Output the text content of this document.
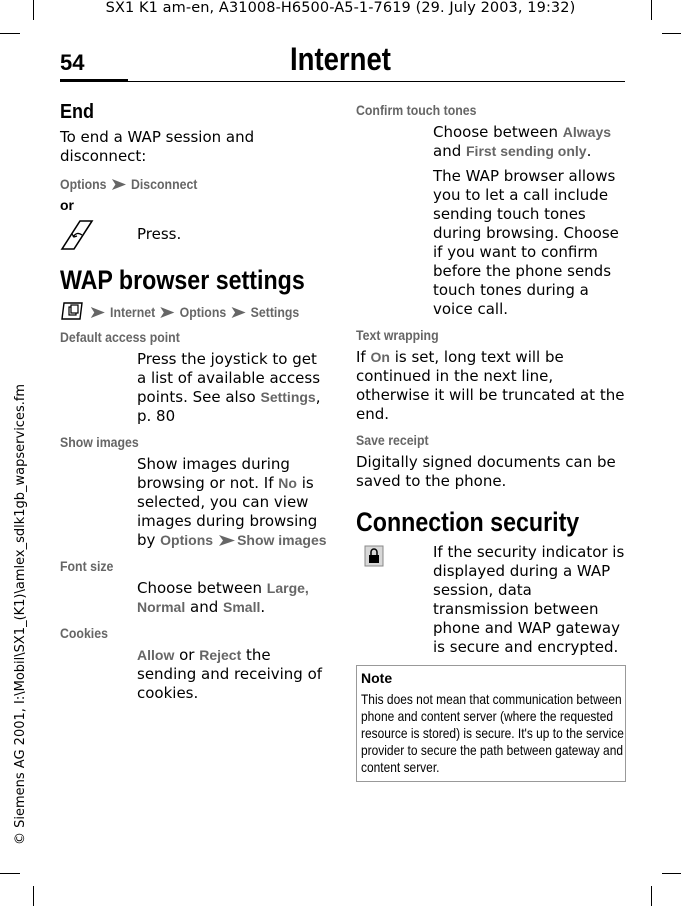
SX1 K1 am-en, A31008-H6500-A5-1-7619 (29. July 2003, 19:32)
© Siemens AG 2001, I:\Mobil\SX1_(K1)\amlex_sdlk1gb_wapservices.fm
54	Internet
End
To end a WAP session and disconnect:
Options Disconnect
or
Press.
WAP browser settings
Internet Options Settings
Default access point
Press the joystick to get a list of available access points. See also Settings, p. 80
Show images
Show images during browsing or not. If No is selected, you can view images during browsing by Options Show images
Font size
Choose between Large,
Normal and Small.
Cookies
Allow or Reject the sending and receiving of cookies.
Confirm touch tones
Choose between Always and First sending only.
The WAP browser allows you to let a call include sending touch tones during browsing. Choose if you want to confirm before the phone sends touch tones during a voice call.
Text wrapping
If On is set, long text will be continued in the next line, otherwise it will be truncated at the end.
Save receipt
Digitally signed documents can be saved to the phone.
Connection security
If the security indicator is displayed during a WAP session, data transmission between phone and WAP gateway is secure and encrypted.
Note
This does not mean that communication between phone and content server (where the requested resource is stored) is secure. It's up to the service provider to secure the path between gateway and content server.
